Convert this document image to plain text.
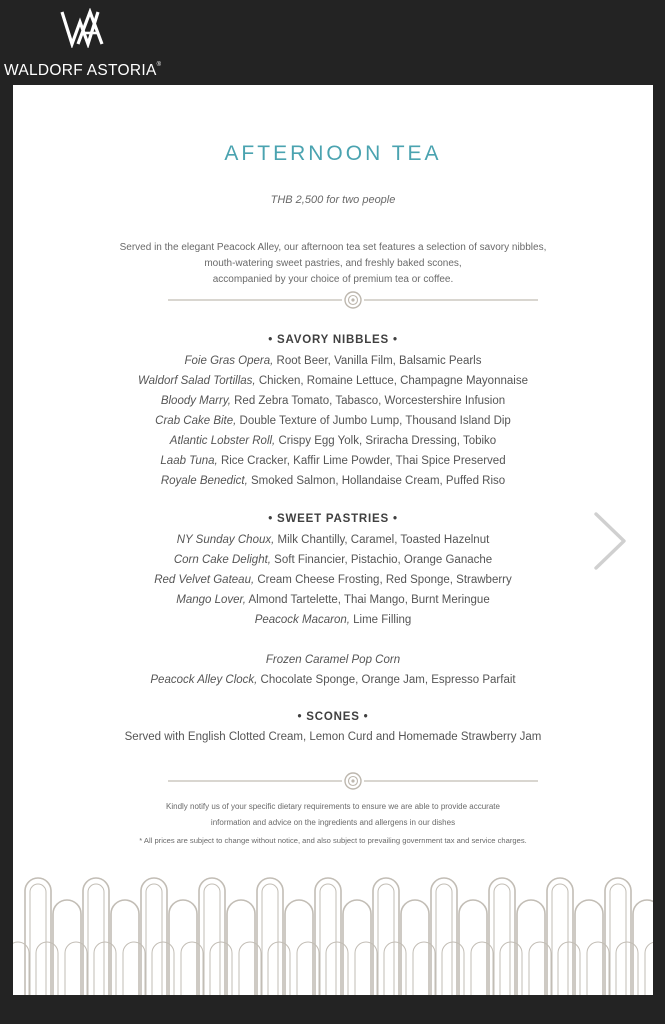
WALDORF ASTORIA®
AFTERNOON TEA
THB 2,500 for two people
Served in the elegant Peacock Alley, our afternoon tea set features a selection of savory nibbles,
mouth-watering sweet pastries, and freshly baked scones,
accompanied by your choice of premium tea or coffee.
• SAVORY NIBBLES •
Foie Gras Opera, Root Beer, Vanilla Film, Balsamic Pearls
Waldorf Salad Tortillas, Chicken, Romaine Lettuce, Champagne Mayonnaise
Bloody Marry, Red Zebra Tomato, Tabasco, Worcestershire Infusion
Crab Cake Bite, Double Texture of Jumbo Lump, Thousand Island Dip
Atlantic Lobster Roll, Crispy Egg Yolk, Sriracha Dressing, Tobiko
Laab Tuna, Rice Cracker, Kaffir Lime Powder, Thai Spice Preserved
Royale Benedict, Smoked Salmon, Hollandaise Cream, Puffed Riso
• SWEET PASTRIES •
NY Sunday Choux, Milk Chantilly, Caramel, Toasted Hazelnut
Corn Cake Delight, Soft Financier, Pistachio, Orange Ganache
Red Velvet Gateau, Cream Cheese Frosting, Red Sponge, Strawberry
Mango Lover, Almond Tartelette, Thai Mango, Burnt Meringue
Peacock Macaron, Lime Filling
Frozen Caramel Pop Corn
Peacock Alley Clock, Chocolate Sponge, Orange Jam, Espresso Parfait
• SCONES •
Served with English Clotted Cream, Lemon Curd and Homemade Strawberry Jam
Kindly notify us of your specific dietary requirements to ensure we are able to provide accurate
information and advice on the ingredients and allergens in our dishes
* All prices are subject to change without notice, and also subject to prevailing government tax and service charges.
